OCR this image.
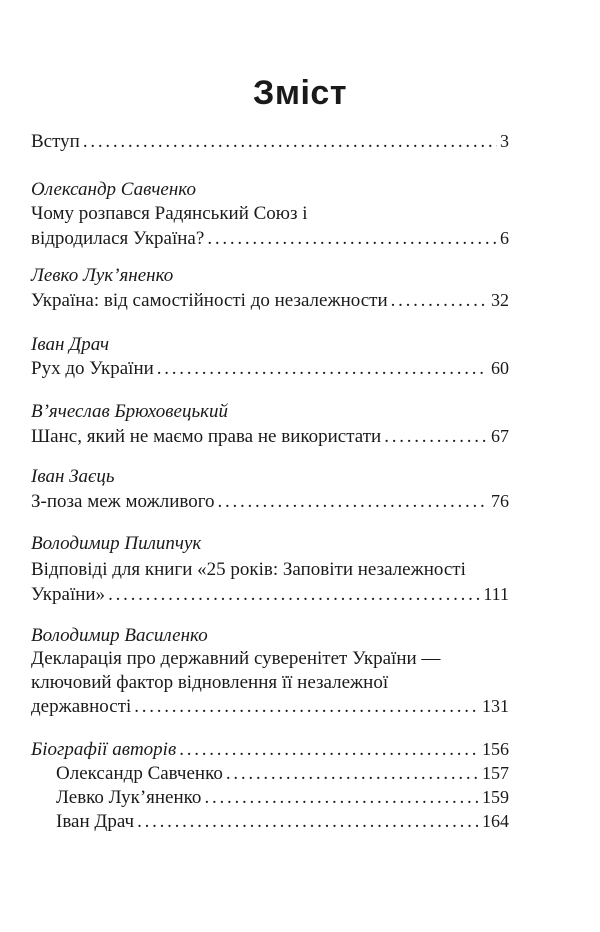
Зміст
Вступ . . .	3
Олександр Савченко
Чому розпався Радянський Союз і
відродилася Україна? . . .	6
Левко Лук’яненко
Україна: від самостійності до незалежности . . .	32
Іван Драч
Рух до України . . .	60
В’ячеслав Брюховецький
Шанс, який не маємо права не використати . . .	67
Іван Заєць
З-поза меж можливого . . .	76
Володимир Пилипчук
Відповіді для книги «25 років: Заповіти незалежності
України» . . .	111
Володимир Василенко
Декларація про державний суверенітет України —
ключовий фактор відновлення її незалежної
державності . . .	131
Біографії авторів . . .	156
Олександр Савченко . . .	157
Левко Лук’яненко . . .	159
Іван Драч . . .	164
